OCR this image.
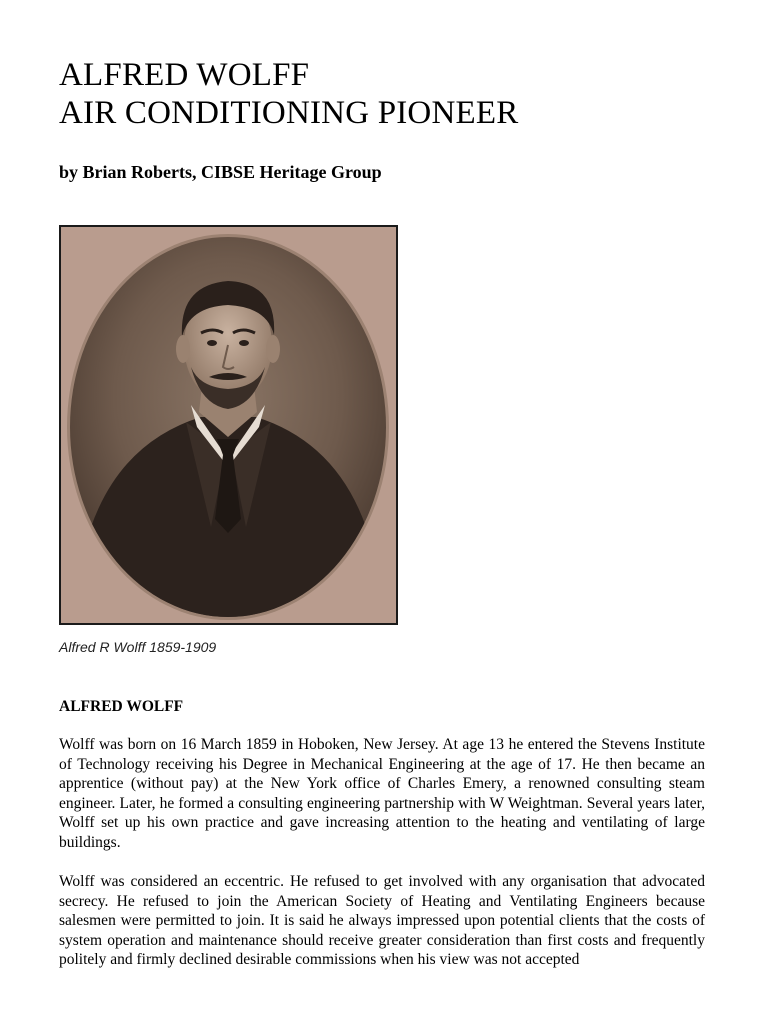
ALFRED WOLFF
AIR CONDITIONING PIONEER

by Brian Roberts, CIBSE Heritage Group

Alfred R Wolff 1859-1909

ALFRED WOLFF

Wolff was born on 16 March 1859 in Hoboken, New Jersey. At age 13 he entered the Stevens Institute of Technology receiving his Degree in Mechanical Engineering at the age of 17. He then became an apprentice (without pay) at the New York office of Charles Emery, a renowned consulting steam engineer. Later, he formed a consulting engineering partnership with W Weightman. Several years later, Wolff set up his own practice and gave increasing attention to the heating and ventilating of large buildings.

Wolff was considered an eccentric. He refused to get involved with any organisation that advocated secrecy. He refused to join the American Society of Heating and Ventilating Engineers because salesmen were permitted to join. It is said he always impressed upon potential clients that the costs of system operation and maintenance should receive greater consideration than first costs and frequently politely and firmly declined desirable commissions when his view was not accepted
